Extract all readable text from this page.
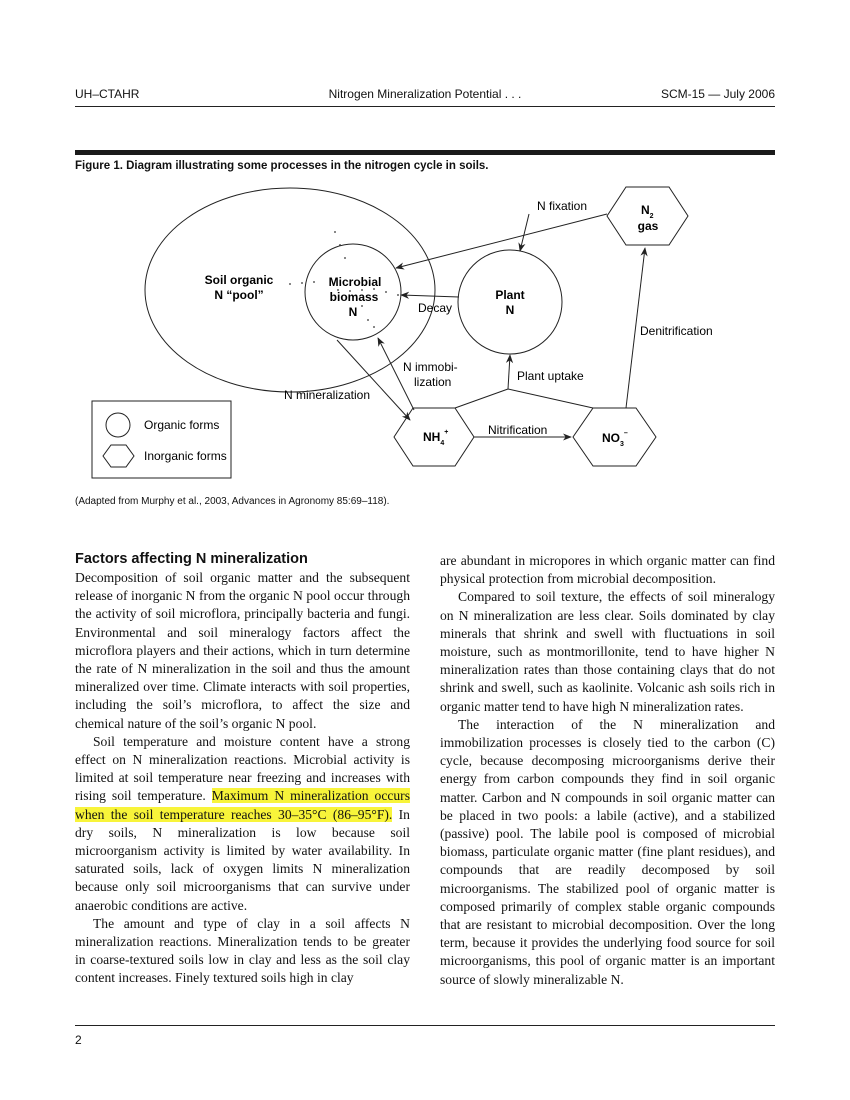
UH–CTAHR	Nitrogen Mineralization Potential . . .	SCM-15 — July 2006
Figure 1. Diagram illustrating some processes in the nitrogen cycle in soils.
Soil organic
N “pool”
Microbial
biomass
N
Plant
N
$N_2$
gas
$NH_4^+$	$NO_3^-$
N fixation
Decay
Denitrification
N immobi-
lization	Plant uptake
N mineralization
Nitrification
Organic forms
Inorganic forms
(Adapted from Murphy et al., 2003, Advances in Agronomy 85:69–118).
Factors affecting N mineralization

Decomposition of soil organic matter and the subsequent release of inorganic N from the organic N pool occur through the activity of soil microflora, principally bacteria and fungi. Environmental and soil mineralogy factors affect the microflora players and their actions, which in turn determine the rate of N mineralization in the soil and thus the amount mineralized over time. Climate interacts with soil properties, including the soil’s microflora, to affect the size and chemical nature of the soil’s organic N pool.

Soil temperature and moisture content have a strong effect on N mineralization reactions. Microbial activity is limited at soil temperature near freezing and increases with rising soil temperature. Maximum N mineralization occurs when the soil temperature reaches 30–35°C (86–95°F). In dry soils, N mineralization is low because soil microorganism activity is limited by water availability. In saturated soils, lack of oxygen limits N mineralization because only soil microorganisms that can survive under anaerobic conditions are active.

The amount and type of clay in a soil affects N mineralization reactions. Mineralization tends to be greater in coarse-textured soils low in clay and less as the soil clay content increases. Finely textured soils high in clay

are abundant in micropores in which organic matter can find physical protection from microbial decomposition.

Compared to soil texture, the effects of soil mineralogy on N mineralization are less clear. Soils dominated by clay minerals that shrink and swell with fluctuations in soil moisture, such as montmorillonite, tend to have higher N mineralization rates than those containing clays that do not shrink and swell, such as kaolinite. Volcanic ash soils rich in organic matter tend to have high N mineralization rates.

The interaction of the N mineralization and immobilization processes is closely tied to the carbon (C) cycle, because decomposing microorganisms derive their energy from carbon compounds they find in soil organic matter. Carbon and N compounds in soil organic matter can be placed in two pools: a labile (active), and a stabilized (passive) pool. The labile pool is composed of microbial biomass, particulate organic matter (fine plant residues), and compounds that are readily decomposed by soil microorganisms. The stabilized pool of organic matter is composed primarily of complex stable organic compounds that are resistant to microbial decomposition. Over the long term, because it provides the underlying food source for soil microorganisms, this pool of organic matter is an important source of slowly mineralizable N.

2
